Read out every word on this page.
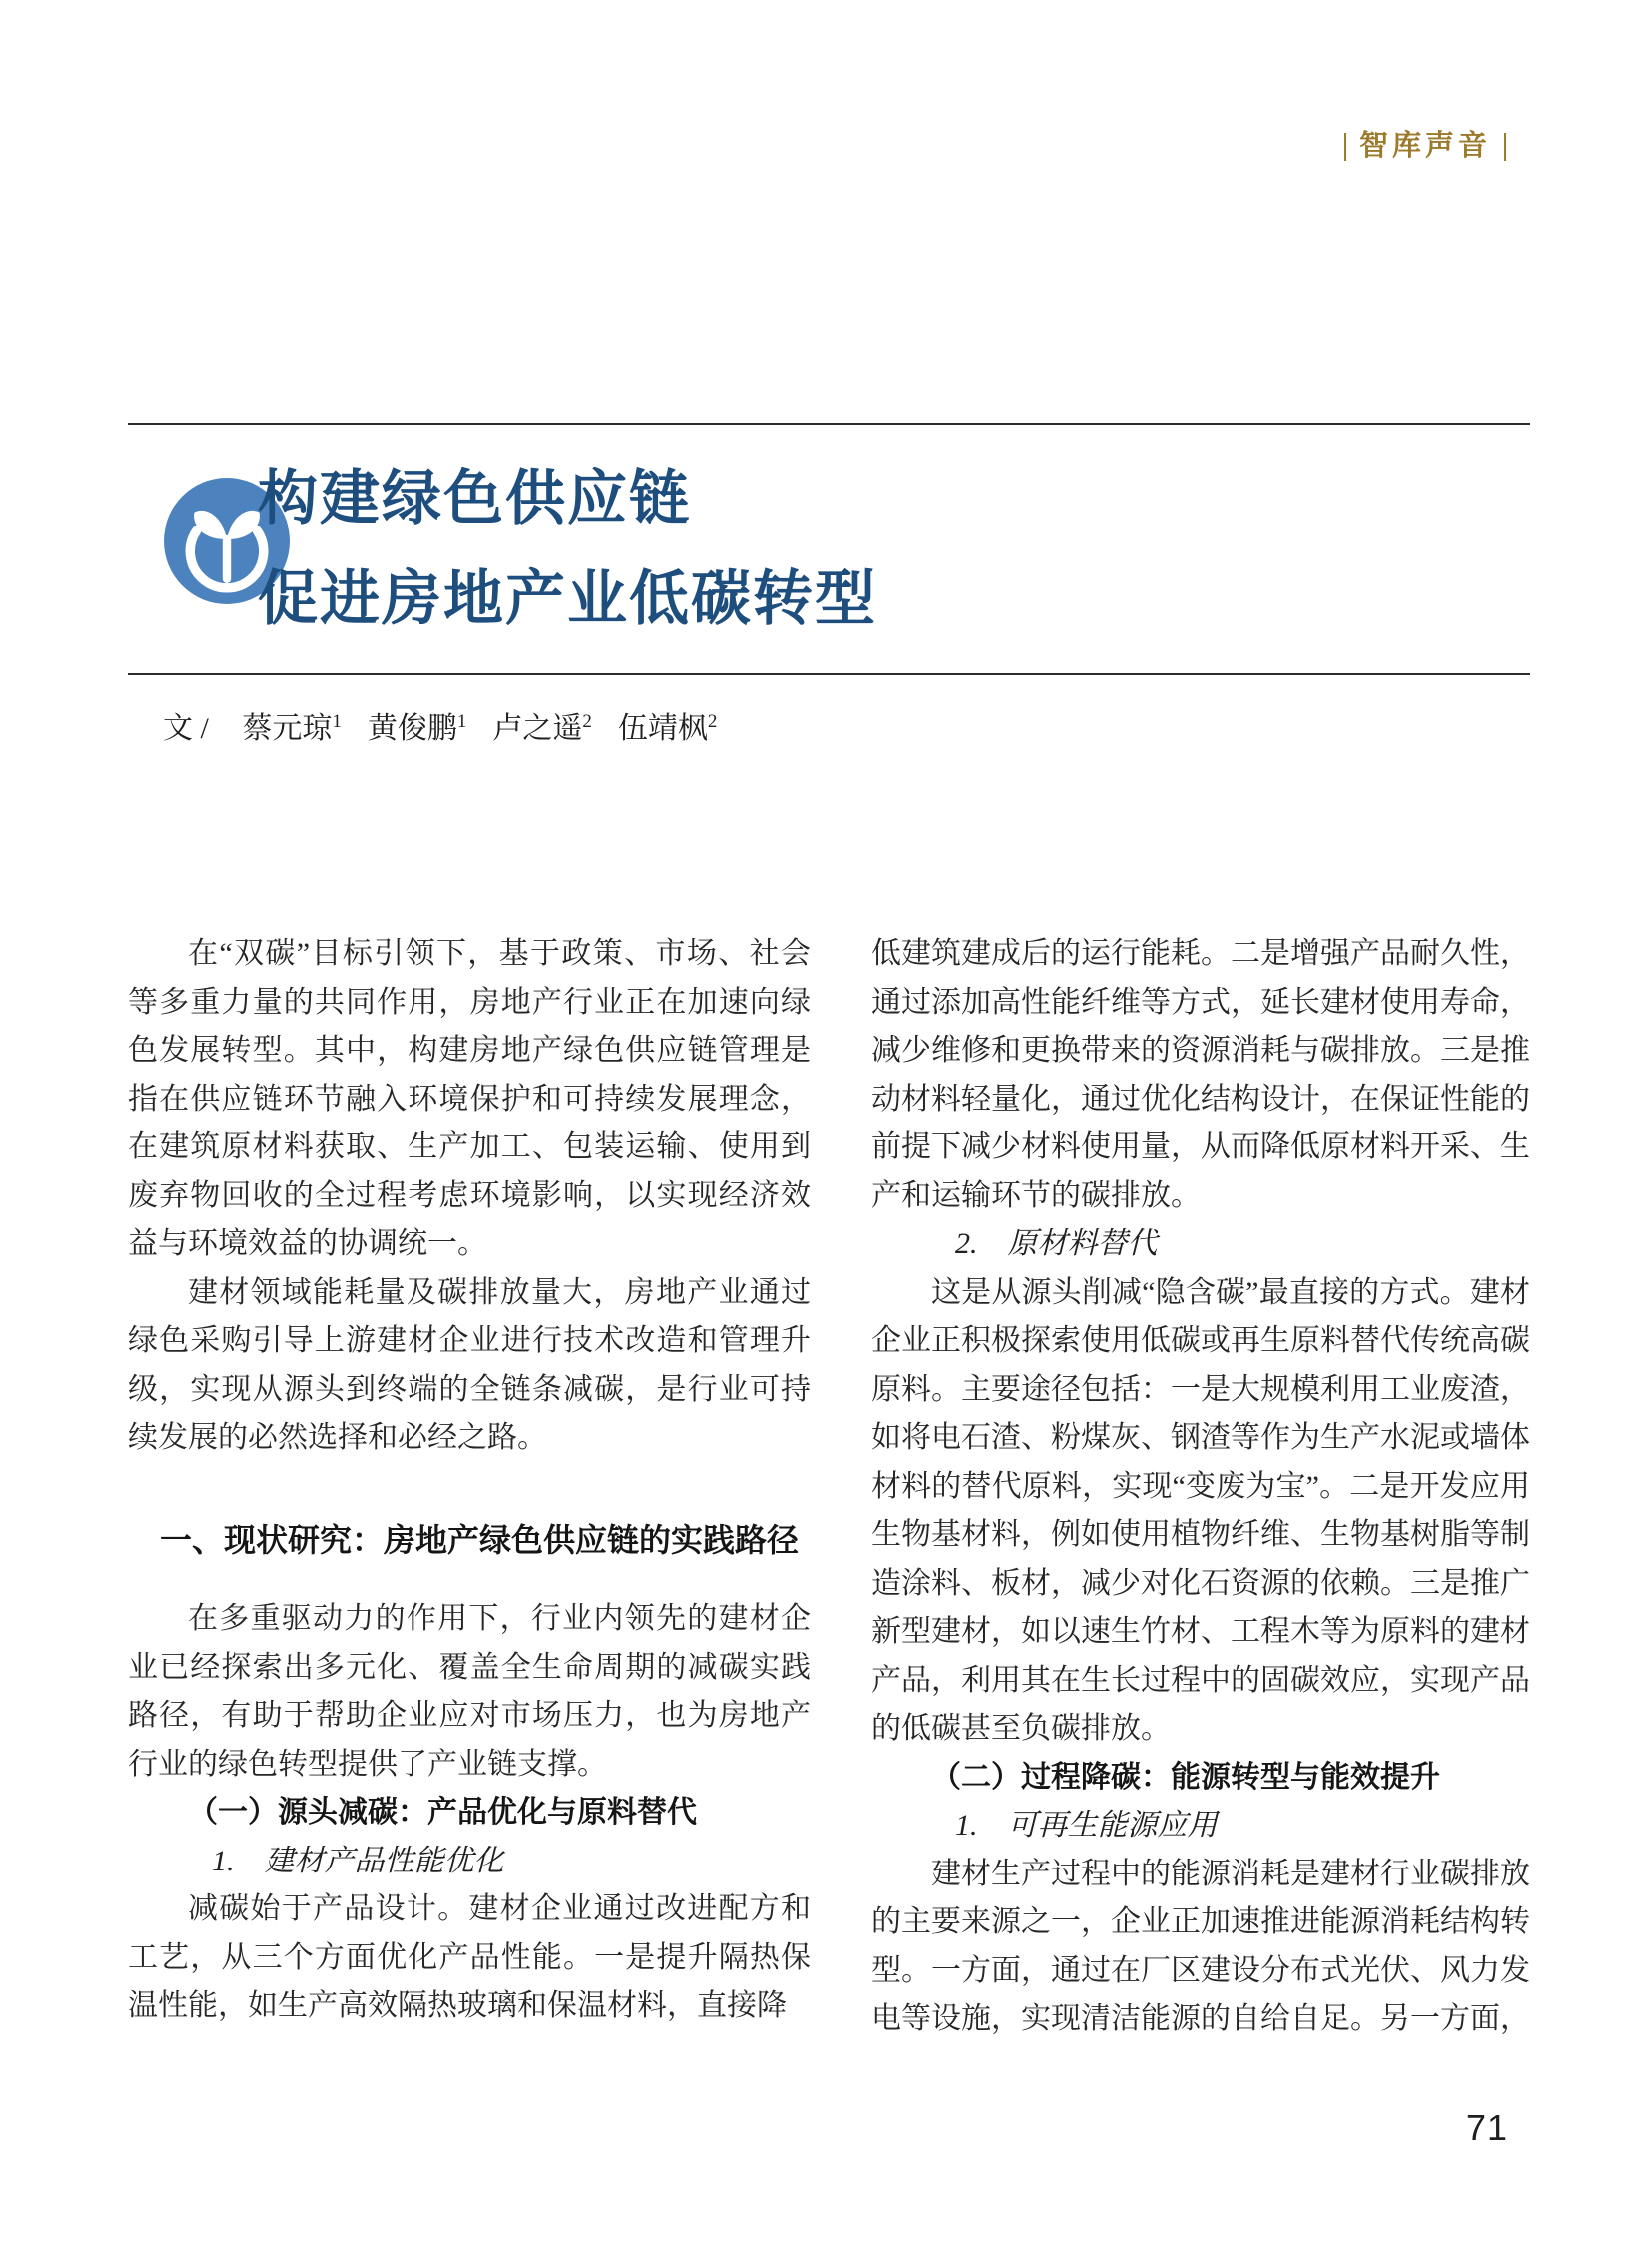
智库声音
构建绿色供应链
促进房地产业低碳转型
文 / 蔡元琼$^1$ 黄俊鹏$^1$ 卢之遥$^2$ 伍靖枫$^2$

在“双碳”目标引领下，基于政策、市场、社会等多重力量的共同作用，房地产行业正在加速向绿色发展转型。其中，构建房地产绿色供应链管理是指在供应链环节融入环境保护和可持续发展理念，在建筑原材料获取、生产加工、包装运输、使用到废弃物回收的全过程考虑环境影响，以实现经济效益与环境效益的协调统一。

建材领域能耗量及碳排放量大，房地产业通过绿色采购引导上游建材企业进行技术改造和管理升级，实现从源头到终端的全链条减碳，是行业可持续发展的必然选择和必经之路。

一、现状研究：房地产绿色供应链的实践路径

在多重驱动力的作用下，行业内领先的建材企业已经探索出多元化、覆盖全生命周期的减碳实践路径，有助于帮助企业应对市场压力，也为房地产行业的绿色转型提供了产业链支撑。

（一）源头减碳：产品优化与原料替代
1.　建材产品性能优化

减碳始于产品设计。建材企业通过改进配方和工艺，从三个方面优化产品性能。一是提升隔热保温性能，如生产高效隔热玻璃和保温材料，直接降

低建筑建成后的运行能耗。二是增强产品耐久性，通过添加高性能纤维等方式，延长建材使用寿命，减少维修和更换带来的资源消耗与碳排放。三是推动材料轻量化，通过优化结构设计，在保证性能的前提下减少材料使用量，从而降低原材料开采、生产和运输环节的碳排放。

2.　原材料替代

这是从源头削减“隐含碳”最直接的方式。建材企业正积极探索使用低碳或再生原料替代传统高碳原料。主要途径包括：一是大规模利用工业废渣，如将电石渣、粉煤灰、钢渣等作为生产水泥或墙体材料的替代原料，实现“变废为宝”。二是开发应用生物基材料，例如使用植物纤维、生物基树脂等制造涂料、板材，减少对化石资源的依赖。三是推广新型建材，如以速生竹材、工程木等为原料的建材产品，利用其在生长过程中的固碳效应，实现产品的低碳甚至负碳排放。

（二）过程降碳：能源转型与能效提升
1.　可再生能源应用

建材生产过程中的能源消耗是建材行业碳排放的主要来源之一，企业正加速推进能源消耗结构转型。一方面，通过在厂区建设分布式光伏、风力发电等设施，实现清洁能源的自给自足。另一方面，

71
